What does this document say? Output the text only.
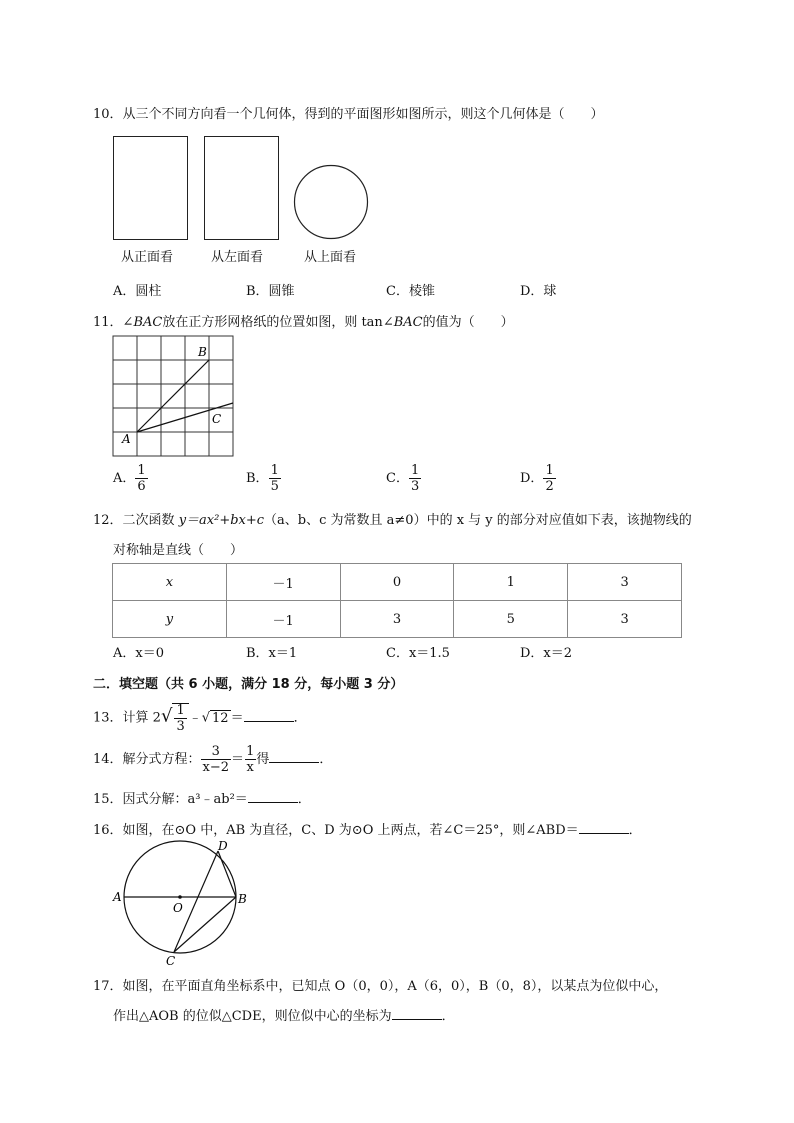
10．从三个不同方向看一个几何体，得到的平面图形如图所示，则这个几何体是（　　）
从正面看	从左面看	从上面看
A．圆柱	B．圆锥	C．棱锥	D．球
11．∠BAC放在正方形网格纸的位置如图，则 tan∠BAC的值为（　　）
A
B
C
A． $\frac{1}{6}$	B． $\frac{1}{5}$	C． $\frac{1}{3}$	D． $\frac{1}{2}$
12．二次函数 y＝ax²+bx+c（a、b、c 为常数且 a≠0）中的 x 与 y 的部分对应值如下表，该抛物线的
对称轴是直线（　　）
x	－1	0	1	3
y	－1	3	5	3
A．x＝0	B．x＝1	C．x＝1.5	D．x＝2
二．填空题（共 6 小题，满分 18 分，每小题 3 分）
13．计算 $2√ \frac{1}{3}$ ﹣√ 12 ＝	．
14．解分式方程： $\frac{3}{x-2} = \frac{1}{x}$ 得	．
15．因式分解：a³﹣ab²＝	．
16．如图，在⊙O 中，AB 为直径，C、D 为⊙O 上两点，若∠C＝25°，则∠ABD＝	．
A	B
C
D
O
17．如图，在平面直角坐标系中，已知点 O（0，0），A（6，0），B（0，8），以某点为位似中心，
作出△AOB 的位似△CDE，则位似中心的坐标为	．
